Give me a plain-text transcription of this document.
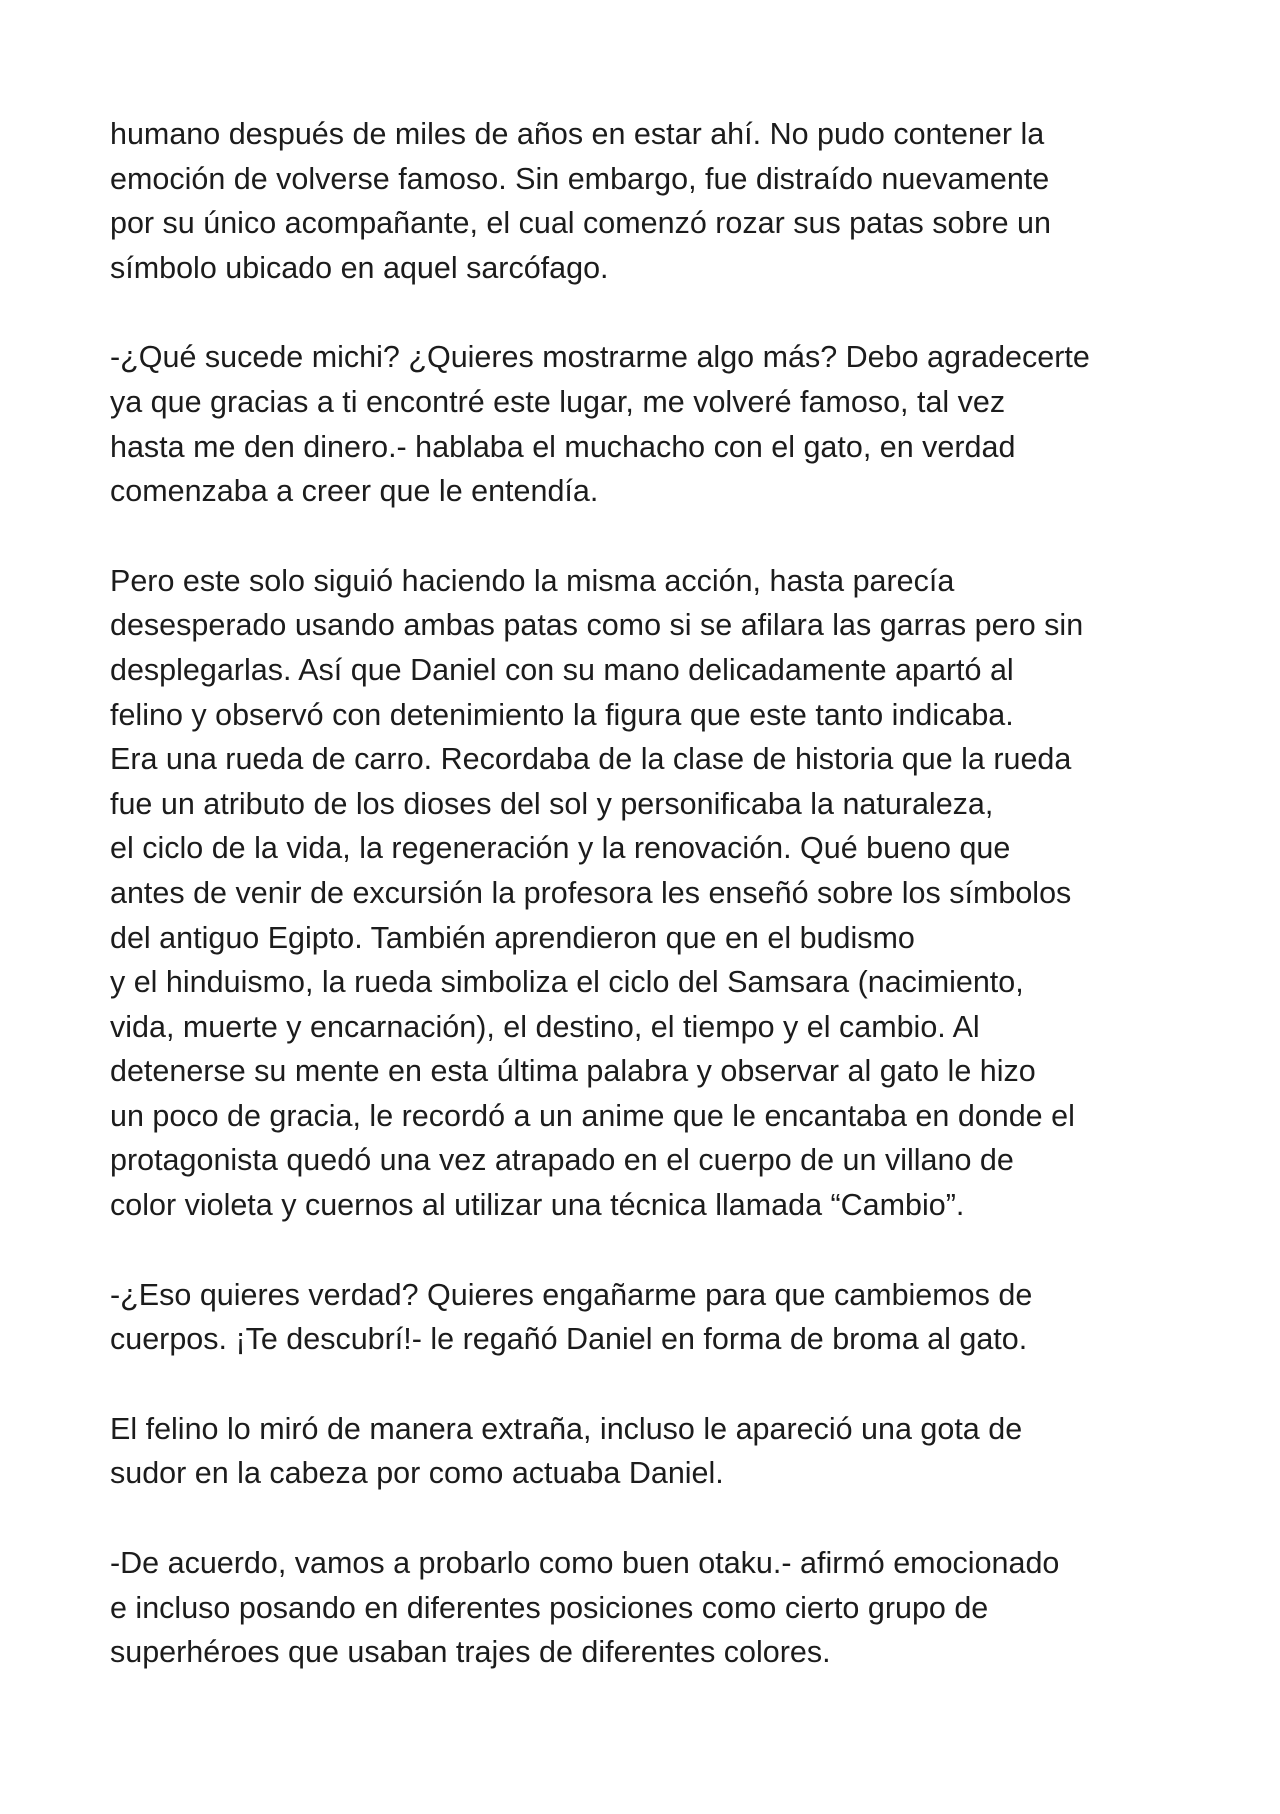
humano después de miles de años en estar ahí. No pudo contener la
emoción de volverse famoso. Sin embargo, fue distraído nuevamente
por su único acompañante, el cual comenzó rozar sus patas sobre un
símbolo ubicado en aquel sarcófago.

-¿Qué sucede michi? ¿Quieres mostrarme algo más? Debo agradecerte
ya que gracias a ti encontré este lugar, me volveré famoso, tal vez
hasta me den dinero.- hablaba el muchacho con el gato, en verdad
comenzaba a creer que le entendía.

Pero este solo siguió haciendo la misma acción, hasta parecía
desesperado usando ambas patas como si se afilara las garras pero sin
desplegarlas. Así que Daniel con su mano delicadamente apartó al
felino y observó con detenimiento la figura que este tanto indicaba.
Era una rueda de carro. Recordaba de la clase de historia que la rueda
fue un atributo de los dioses del sol y personificaba la naturaleza,
el ciclo de la vida, la regeneración y la renovación. Qué bueno que
antes de venir de excursión la profesora les enseñó sobre los símbolos
del antiguo Egipto. También aprendieron que en el budismo
y el hinduismo, la rueda simboliza el ciclo del Samsara (nacimiento,
vida, muerte y encarnación), el destino, el tiempo y el cambio. Al
detenerse su mente en esta última palabra y observar al gato le hizo
un poco de gracia, le recordó a un anime que le encantaba en donde el
protagonista quedó una vez atrapado en el cuerpo de un villano de
color violeta y cuernos al utilizar una técnica llamada “Cambio”.

-¿Eso quieres verdad? Quieres engañarme para que cambiemos de
cuerpos. ¡Te descubrí!- le regañó Daniel en forma de broma al gato.

El felino lo miró de manera extraña, incluso le apareció una gota de
sudor en la cabeza por como actuaba Daniel.

-De acuerdo, vamos a probarlo como buen otaku.- afirmó emocionado
e incluso posando en diferentes posiciones como cierto grupo de
superhéroes que usaban trajes de diferentes colores.
